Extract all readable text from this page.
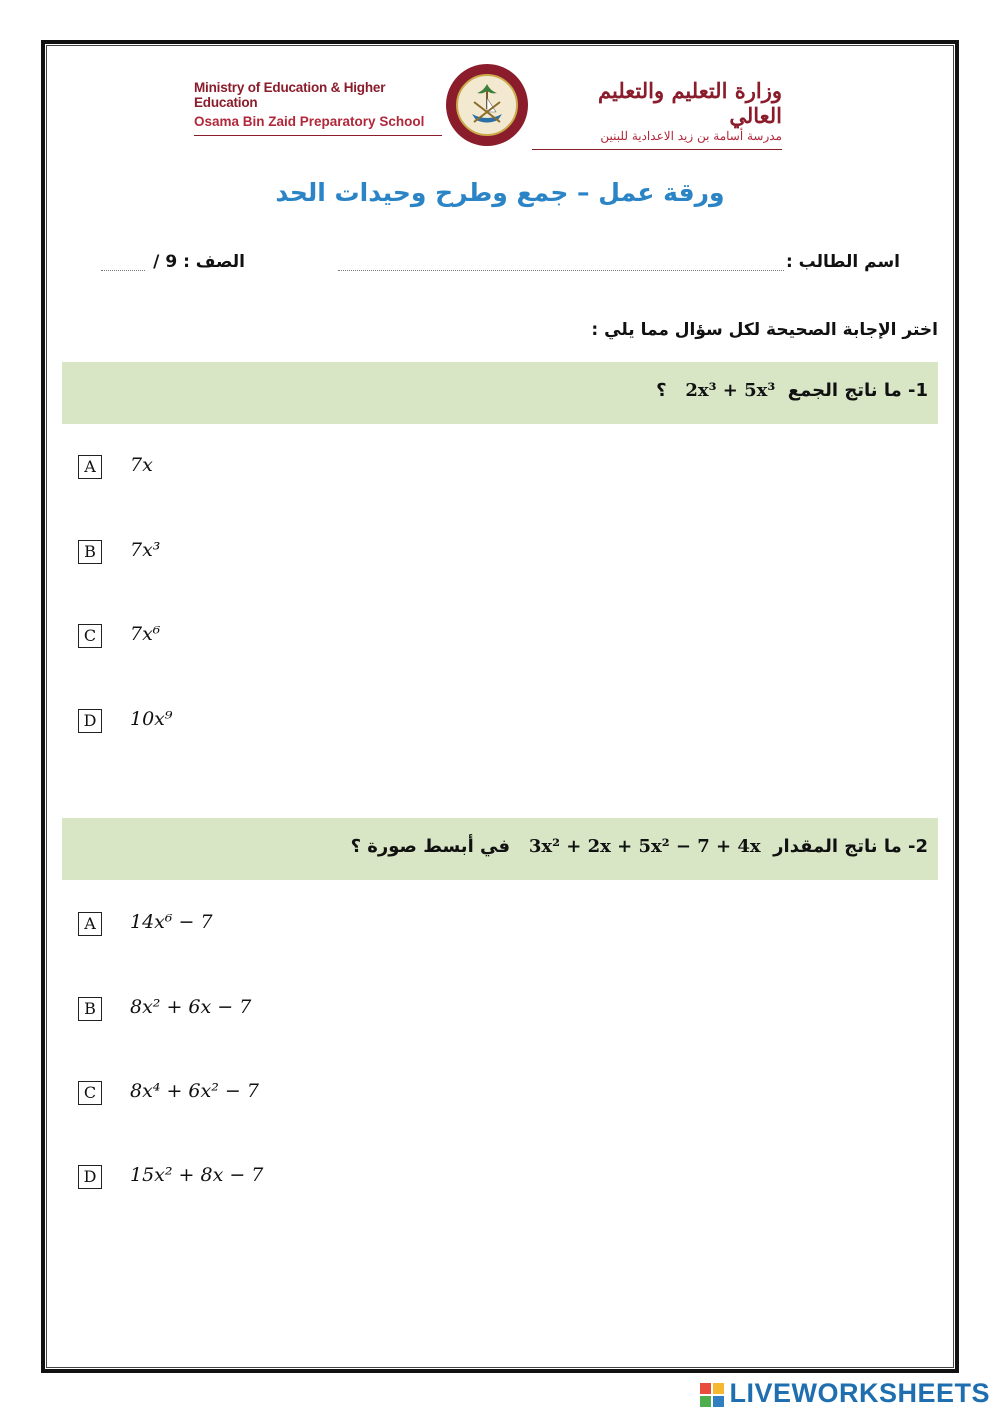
Ministry of Education & Higher Education
Osama Bin Zaid Preparatory School
وزارة التعليم والتعليم العالي
مدرسة أسامة بن زيد الاعدادية للبنين
ورقة عمل – جمع وطرح وحيدات الحد
اسم الطالب :
الصف : 9 /
اختر الإجابة الصحيحة لكل سؤال مما يلي :
1- ما ناتج الجمع  2x³ + 5x³   ؟
A	7x
B	7x³
C	7x⁶
D 10x⁹
2- ما ناتج المقدار  3x² + 2x + 5x² − 7 + 4x   في أبسط صورة ؟
A	14x⁶ − 7
B	8x² + 6x − 7
C	8x⁴ + 6x² − 7
D 15x² + 8x − 7
LIVEWORKSHEETS
